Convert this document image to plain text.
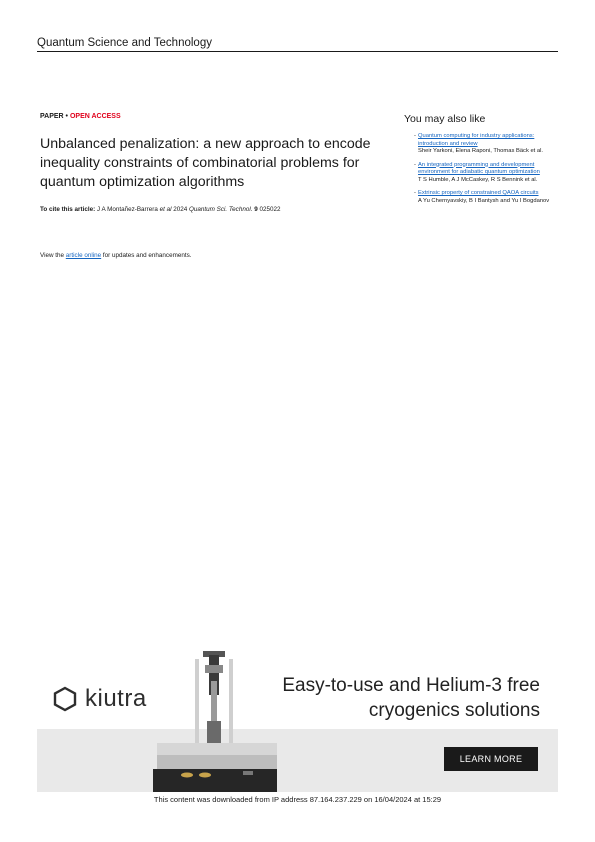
Quantum Science and Technology
PAPER • OPEN ACCESS
Unbalanced penalization: a new approach to encode inequality constraints of combinatorial problems for quantum optimization algorithms
To cite this article: J A Montañez-Barrera et al 2024 Quantum Sci. Technol. 9 025022
View the article online for updates and enhancements.
You may also like
- Quantum computing for industry applications: introduction and review
Sheir Yarkoni, Elena Raponi, Thomas Bäck et al.
- An integrated programming and development environment for adiabatic quantum optimization
T S Humble, A J McCaskey, R S Bennink et al.
- Extrinsic property of constrained QAOA circuits
A Yu Chernyavskiy, B I Bantysh and Yu I Bogdanov
kiutra	Easy-to-use and Helium-3 free
cryogenics solutions
LEARN MORE
This content was downloaded from IP address 87.164.237.229 on 16/04/2024 at 15:29
